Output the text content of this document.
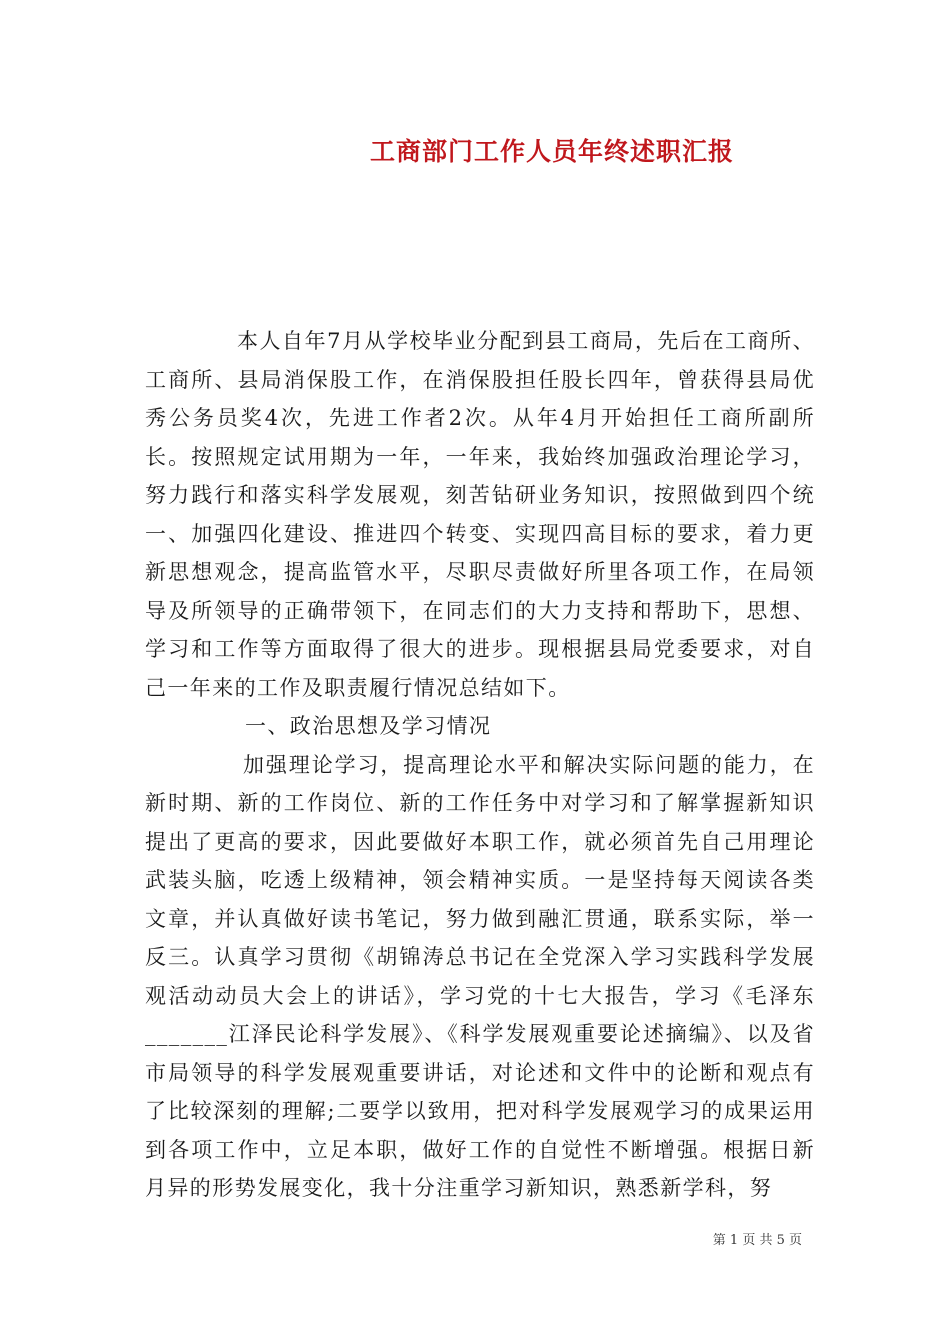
工商部门工作人员年终述职汇报

本人自年7月从学校毕业分配到县工商局，先后在工商所、工商所、县局消保股工作，在消保股担任股长四年，曾获得县局优秀公务员奖4次，先进工作者2次。从年4月开始担任工商所副所长。按照规定试用期为一年，一年来，我始终加强政治理论学习，努力践行和落实科学发展观，刻苦钻研业务知识，按照做到四个统一、加强四化建设、推进四个转变、实现四高目标的要求，着力更新思想观念，提高监管水平，尽职尽责做好所里各项工作，在局领导及所领导的正确带领下，在同志们的大力支持和帮助下，思想、学习和工作等方面取得了很大的进步。现根据县局党委要求，对自己一年来的工作及职责履行情况总结如下。

一、政治思想及学习情况

加强理论学习，提高理论水平和解决实际问题的能力，在新时期、新的工作岗位、新的工作任务中对学习和了解掌握新知识提出了更高的要求，因此要做好本职工作，就必须首先自己用理论武装头脑，吃透上级精神，领会精神实质。一是坚持每天阅读各类文章，并认真做好读书笔记，努力做到融汇贯通，联系实际，举一反三。认真学习贯彻《胡锦涛总书记在全党深入学习实践科学发展观活动动员大会上的讲话》，学习党的十七大报告，学习《毛泽东_______江泽民论科学发展》、《科学发展观重要论述摘编》、以及省市局领导的科学发展观重要讲话，对论述和文件中的论断和观点有了比较深刻的理解;二要学以致用，把对科学发展观学习的成果运用到各项工作中，立足本职，做好工作的自觉性不断增强。根据日新月异的形势发展变化，我十分注重学习新知识，熟悉新学科，努

第 1 页 共 5 页
